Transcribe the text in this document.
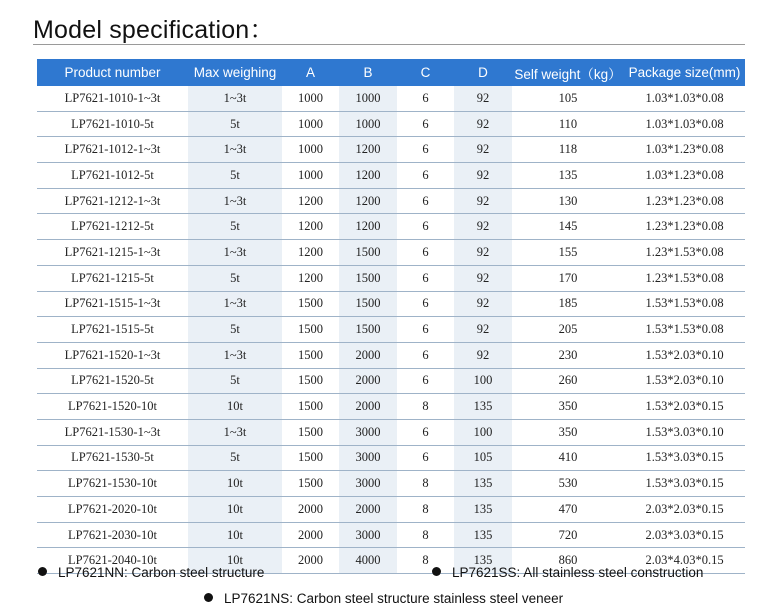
Model specification：
Product number	Max weighing	A	B	C	D	Self weight（kg）	Package size(mm)
LP7621-1010-1~3t	1~3t	1000	1000	6	92	105	1.03*1.03*0.08
LP7621-1010-5t	5t	1000	1000	6	92	110	1.03*1.03*0.08
LP7621-1012-1~3t	1~3t	1000	1200	6	92	118	1.03*1.23*0.08
LP7621-1012-5t	5t	1000	1200	6	92	135	1.03*1.23*0.08
LP7621-1212-1~3t	1~3t	1200	1200	6	92	130	1.23*1.23*0.08
LP7621-1212-5t	5t	1200	1200	6	92	145	1.23*1.23*0.08
LP7621-1215-1~3t	1~3t	1200	1500	6	92	155	1.23*1.53*0.08
LP7621-1215-5t	5t	1200	1500	6	92	170	1.23*1.53*0.08
LP7621-1515-1~3t	1~3t	1500	1500	6	92	185	1.53*1.53*0.08
LP7621-1515-5t	5t	1500	1500	6	92	205	1.53*1.53*0.08
LP7621-1520-1~3t	1~3t	1500	2000	6	92	230	1.53*2.03*0.10
LP7621-1520-5t	5t	1500	2000	6	100	260	1.53*2.03*0.10
LP7621-1520-10t	10t	1500	2000	8	135	350	1.53*2.03*0.15
LP7621-1530-1~3t	1~3t	1500	3000	6	100	350	1.53*3.03*0.10
LP7621-1530-5t	5t	1500	3000	6	105	410	1.53*3.03*0.15
LP7621-1530-10t	10t	1500	3000	8	135	530	1.53*3.03*0.15
LP7621-2020-10t	10t	2000	2000	8	135	470	2.03*2.03*0.15
LP7621-2030-10t	10t	2000	3000	8	135	720	2.03*3.03*0.15
LP7621-2040-10t	10t	2000	4000	8	135	860	2.03*4.03*0.15
LP7621NN: Carbon steel structure	LP7621SS: All stainless steel construction
LP7621NS: Carbon steel structure stainless steel veneer
